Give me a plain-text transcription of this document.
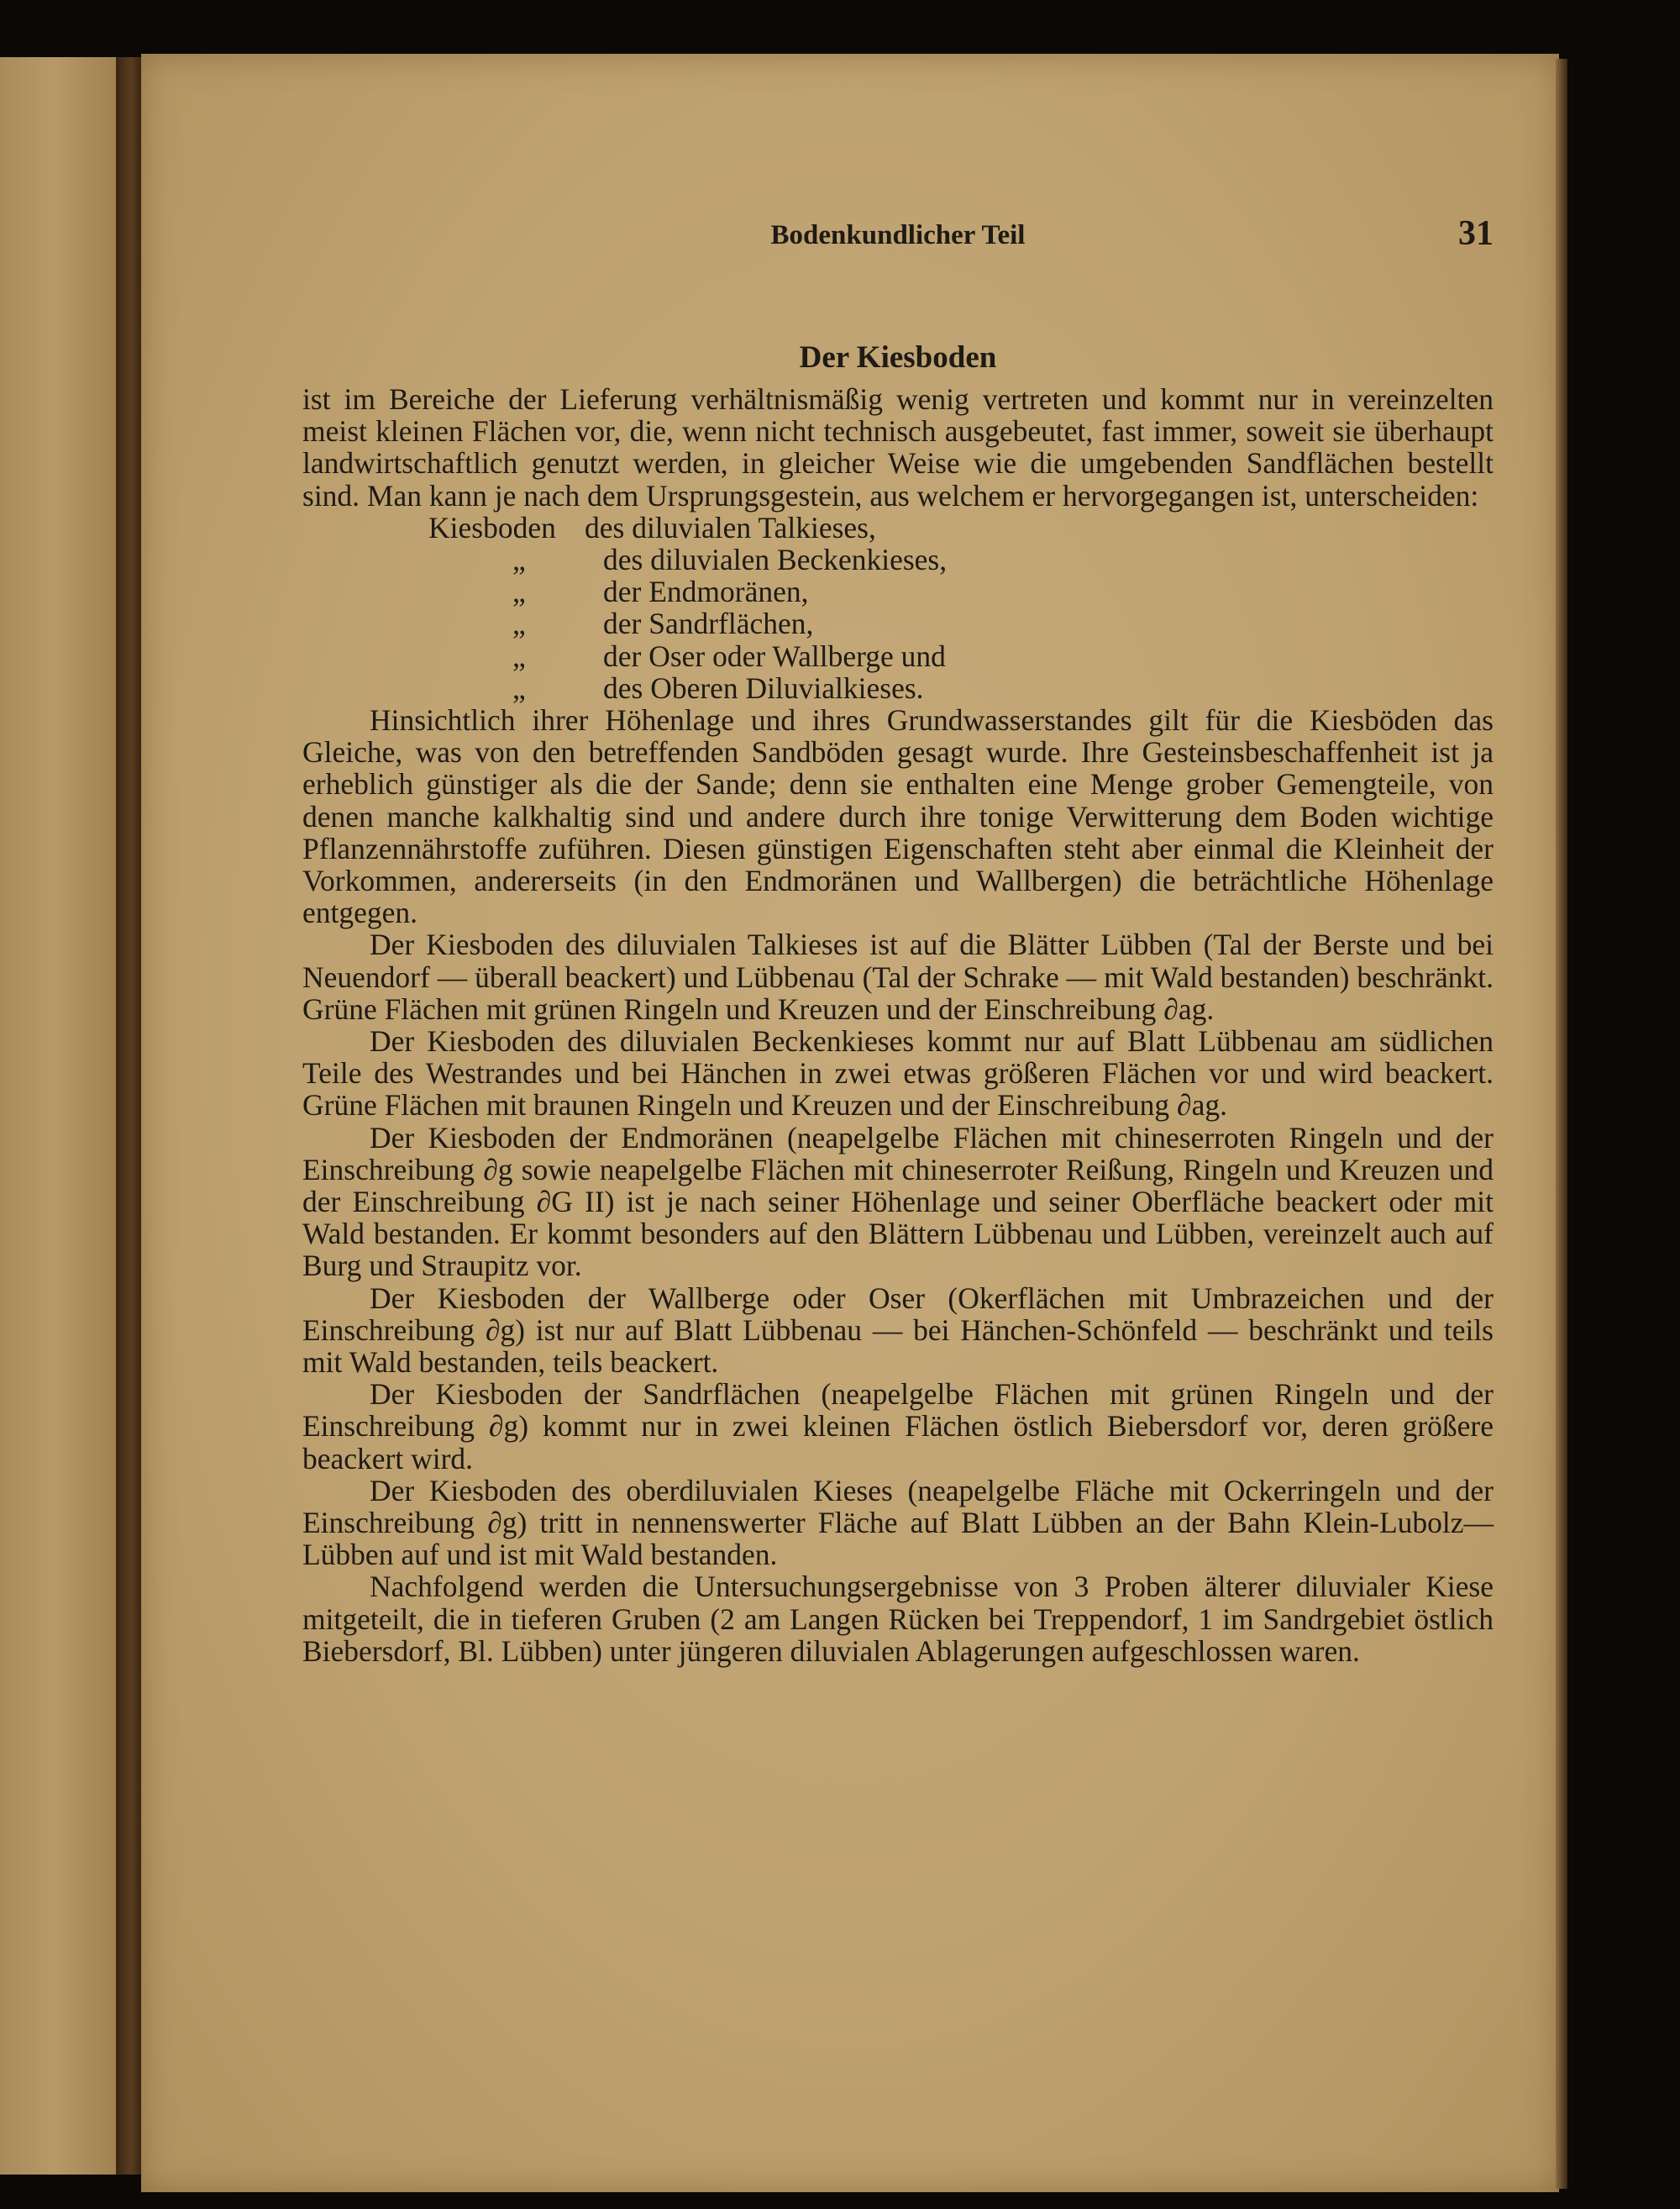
Bodenkundlicher Teil	31
Der Kiesboden

ist im Bereiche der Lieferung verhältnismäßig wenig vertreten und kommt nur in vereinzelten meist kleinen Flächen vor, die, wenn nicht technisch ausgebeutet, fast immer, soweit sie überhaupt landwirtschaftlich genutzt werden, in gleicher Weise wie die umgebenden Sandflächen bestellt sind. Man kann je nach dem Ursprungsgestein, aus welchem er hervorgegangen ist, unterscheiden:

Kiesboden des diluvialen Talkieses,
„	des diluvialen Beckenkieses,
„	der Endmoränen,
„	der Sandrflächen,
„	der Oser oder Wallberge und
„	des Oberen Diluvialkieses.

Hinsichtlich ihrer Höhenlage und ihres Grundwasserstandes gilt für die Kiesböden das Gleiche, was von den betreffenden Sandböden gesagt wurde. Ihre Gesteinsbeschaffenheit ist ja erheblich günstiger als die der Sande; denn sie enthalten eine Menge grober Gemengteile, von denen manche kalkhaltig sind und andere durch ihre tonige Verwitterung dem Boden wichtige Pflanzennährstoffe zuführen. Diesen günstigen Eigenschaften steht aber einmal die Kleinheit der Vorkommen, andererseits (in den Endmoränen und Wallbergen) die beträchtliche Höhenlage entgegen.

Der Kiesboden des diluvialen Talkieses ist auf die Blätter Lübben (Tal der Berste und bei Neuendorf — überall beackert) und Lübbenau (Tal der Schrake — mit Wald bestanden) beschränkt. Grüne Flächen mit grünen Ringeln und Kreuzen und der Einschreibung ∂ag.

Der Kiesboden des diluvialen Beckenkieses kommt nur auf Blatt Lübbenau am südlichen Teile des Westrandes und bei Hänchen in zwei etwas größeren Flächen vor und wird beackert. Grüne Flächen mit braunen Ringeln und Kreuzen und der Einschreibung ∂ag.

Der Kiesboden der Endmoränen (neapelgelbe Flächen mit chineserroten Ringeln und der Einschreibung ∂g sowie neapelgelbe Flächen mit chineserroter Reißung, Ringeln und Kreuzen und der Einschreibung ∂G II) ist je nach seiner Höhenlage und seiner Oberfläche beackert oder mit Wald bestanden. Er kommt besonders auf den Blättern Lübbenau und Lübben, vereinzelt auch auf Burg und Straupitz vor.

Der Kiesboden der Wallberge oder Oser (Okerflächen mit Umbrazeichen und der Einschreibung ∂g) ist nur auf Blatt Lübbenau — bei Hänchen-Schönfeld — beschränkt und teils mit Wald bestanden, teils beackert.

Der Kiesboden der Sandrflächen (neapelgelbe Flächen mit grünen Ringeln und der Einschreibung ∂g) kommt nur in zwei kleinen Flächen östlich Biebersdorf vor, deren größere beackert wird.

Der Kiesboden des oberdiluvialen Kieses (neapelgelbe Fläche mit Ockerringeln und der Einschreibung ∂g) tritt in nennenswerter Fläche auf Blatt Lübben an der Bahn Klein-Lubolz—Lübben auf und ist mit Wald bestanden.

Nachfolgend werden die Untersuchungsergebnisse von 3 Proben älterer diluvialer Kiese mitgeteilt, die in tieferen Gruben (2 am Langen Rücken bei Treppendorf, 1 im Sandrgebiet östlich Biebersdorf, Bl. Lübben) unter jüngeren diluvialen Ablagerungen aufgeschlossen waren.
